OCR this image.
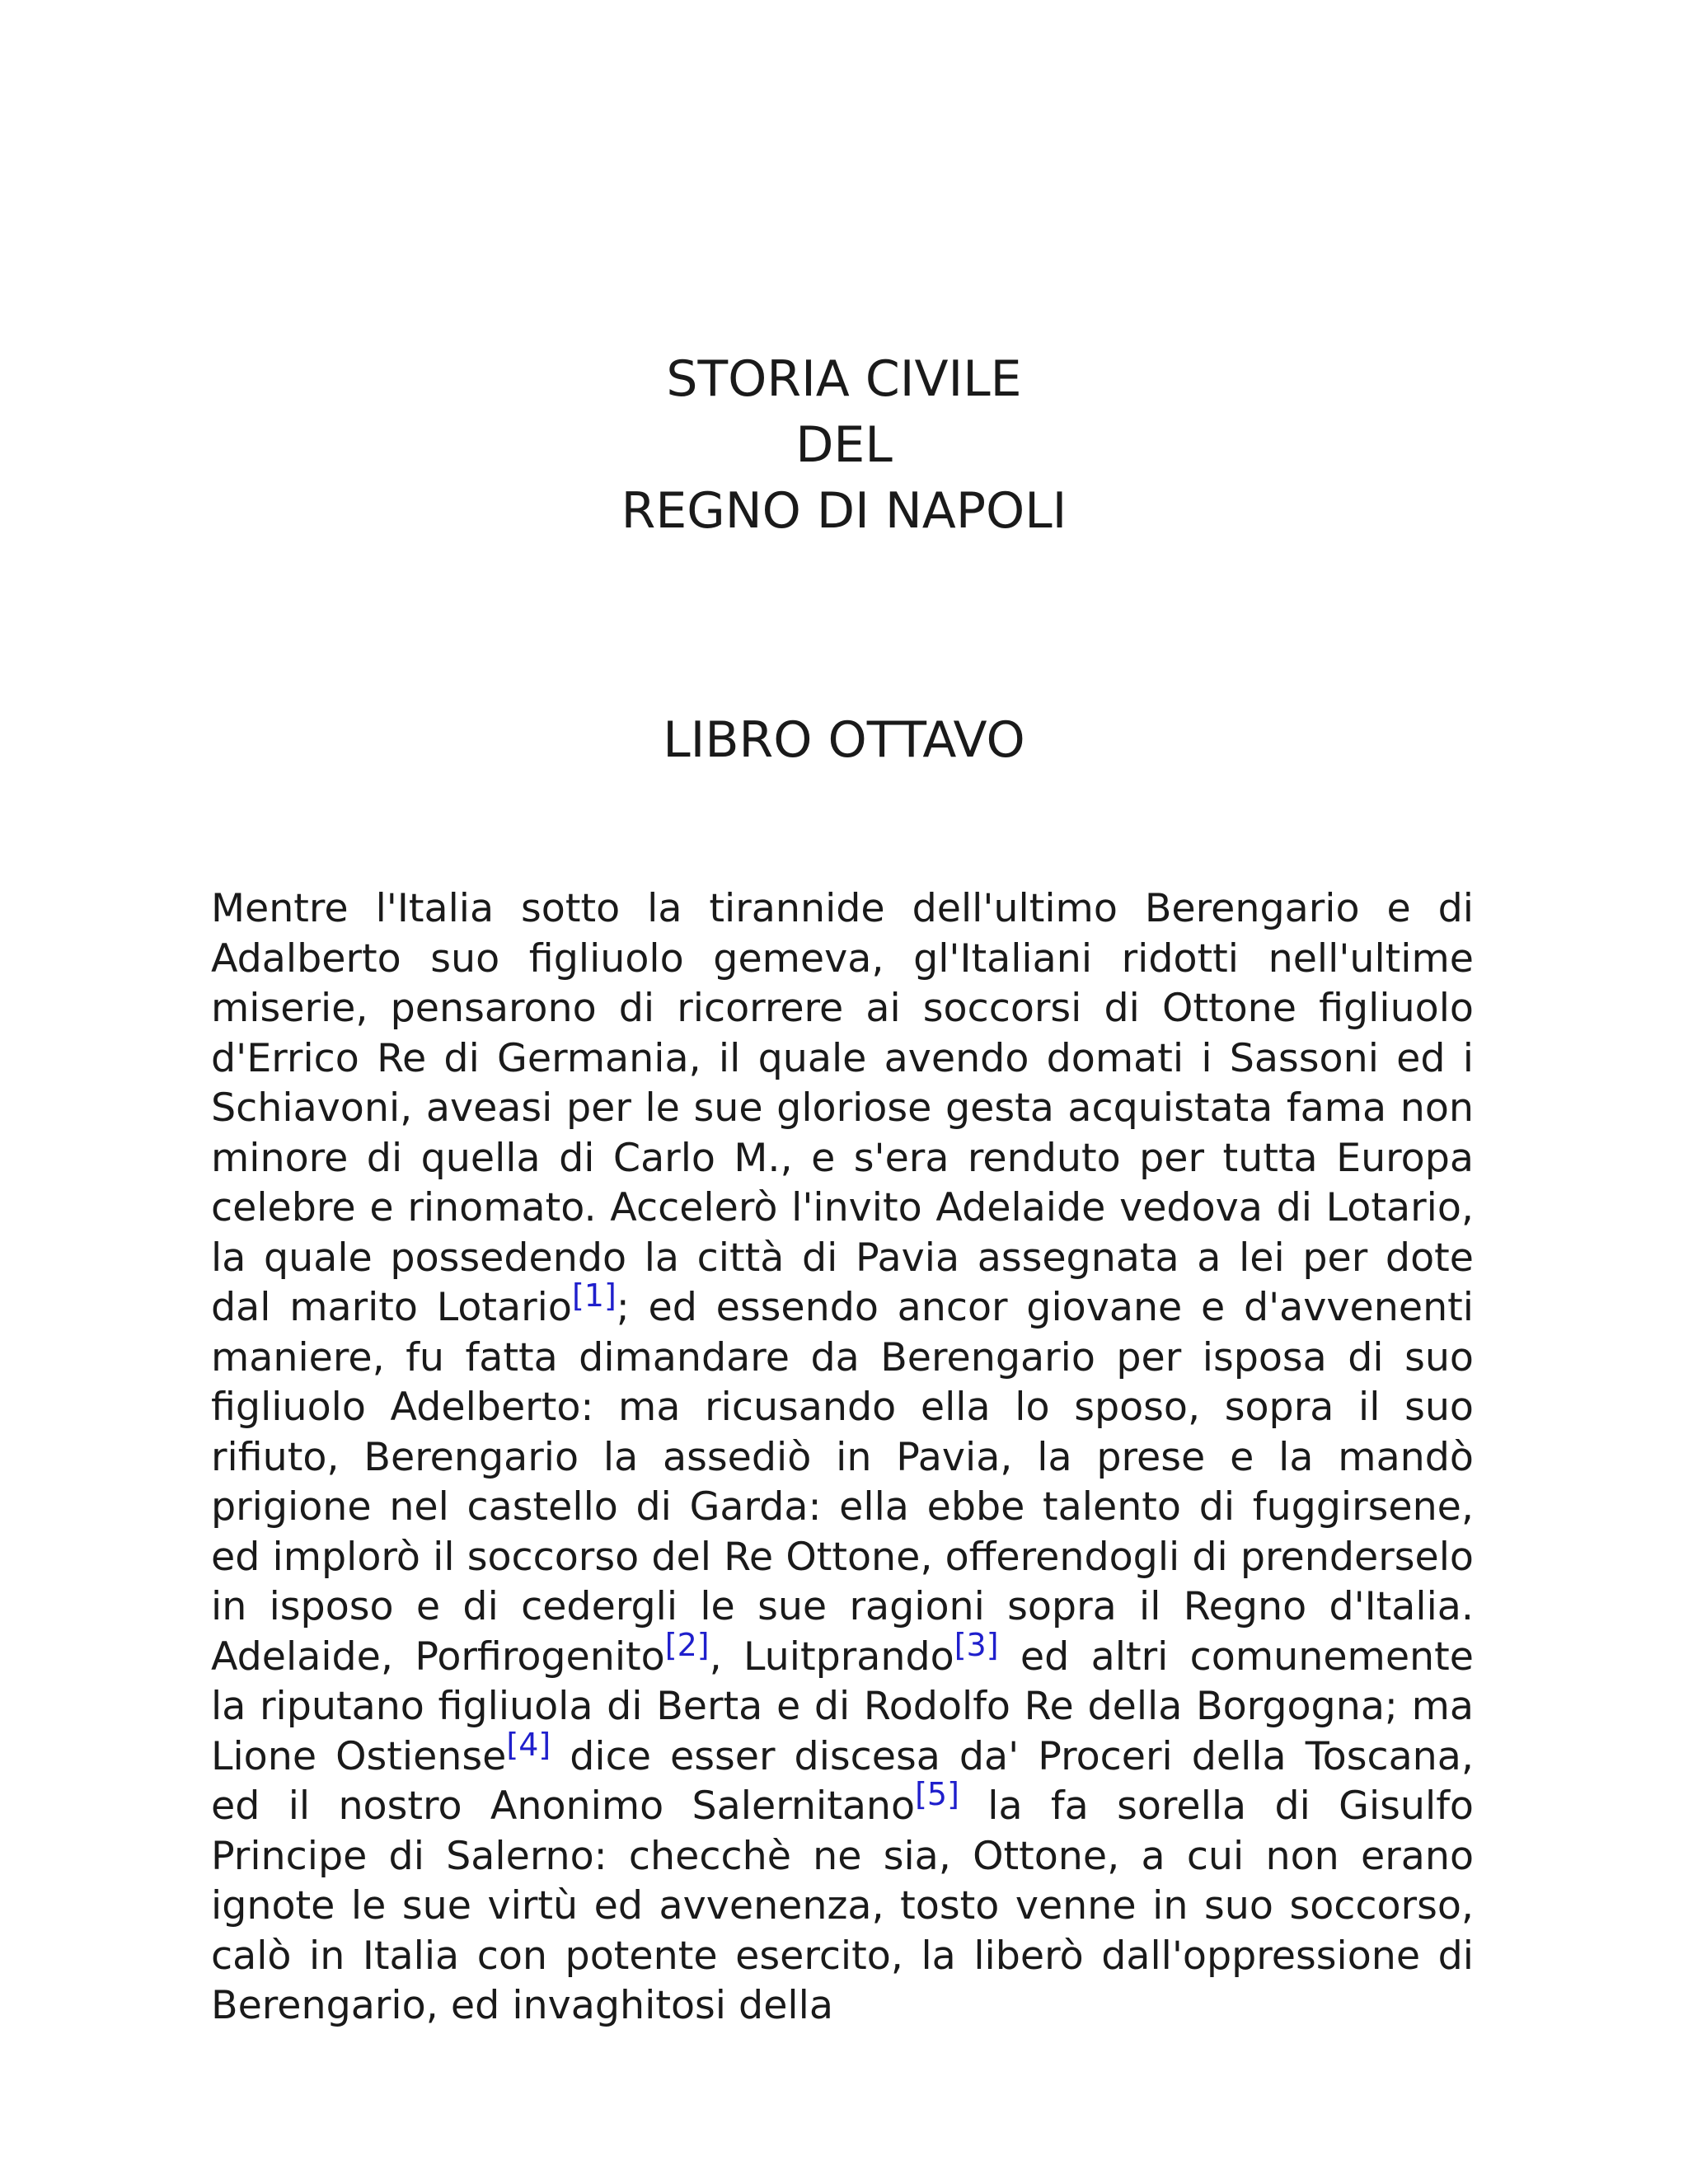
STORIA CIVILE
DEL
REGNO DI NAPOLI
LIBRO OTTAVO

Mentre l'Italia sotto la tirannide dell'ultimo Berengario e di Adalberto suo figliuolo gemeva, gl'Italiani ridotti nell'ultime miserie, pensarono di ricorrere ai soccorsi di Ottone figliuolo d'Errico Re di Germania, il quale avendo domati i Sassoni ed i Schiavoni, aveasi per le sue gloriose gesta acquistata fama non minore di quella di Carlo M., e s'era renduto per tutta Europa celebre e rinomato. Accelerò l'invito Adelaide vedova di Lotario, la quale possedendo la città di Pavia assegnata a lei per dote dal marito Lotario[1]; ed essendo ancor giovane e d'avvenenti maniere, fu fatta dimandare da Berengario per isposa di suo figliuolo Adelberto: ma ricusando ella lo sposo, sopra il suo rifiuto, Berengario la assediò in Pavia, la prese e la mandò prigione nel castello di Garda: ella ebbe talento di fuggirsene, ed implorò il soccorso del Re Ottone, offerendogli di prenderselo in isposo e di cedergli le sue ragioni sopra il Regno d'Italia. Adelaide, Porfirogenito[2], Luitprando[3] ed altri comunemente la riputano figliuola di Berta e di Rodolfo Re della Borgogna; ma Lione Ostiense[4] dice esser discesa da' Proceri della Toscana, ed il nostro Anonimo Salernitano[5] la fa sorella di Gisulfo Principe di Salerno: checchè ne sia, Ottone, a cui non erano ignote le sue virtù ed avvenenza, tosto venne in suo soccorso, calò in Italia con potente esercito, la liberò dall'oppressione di Berengario, ed invaghitosi della
